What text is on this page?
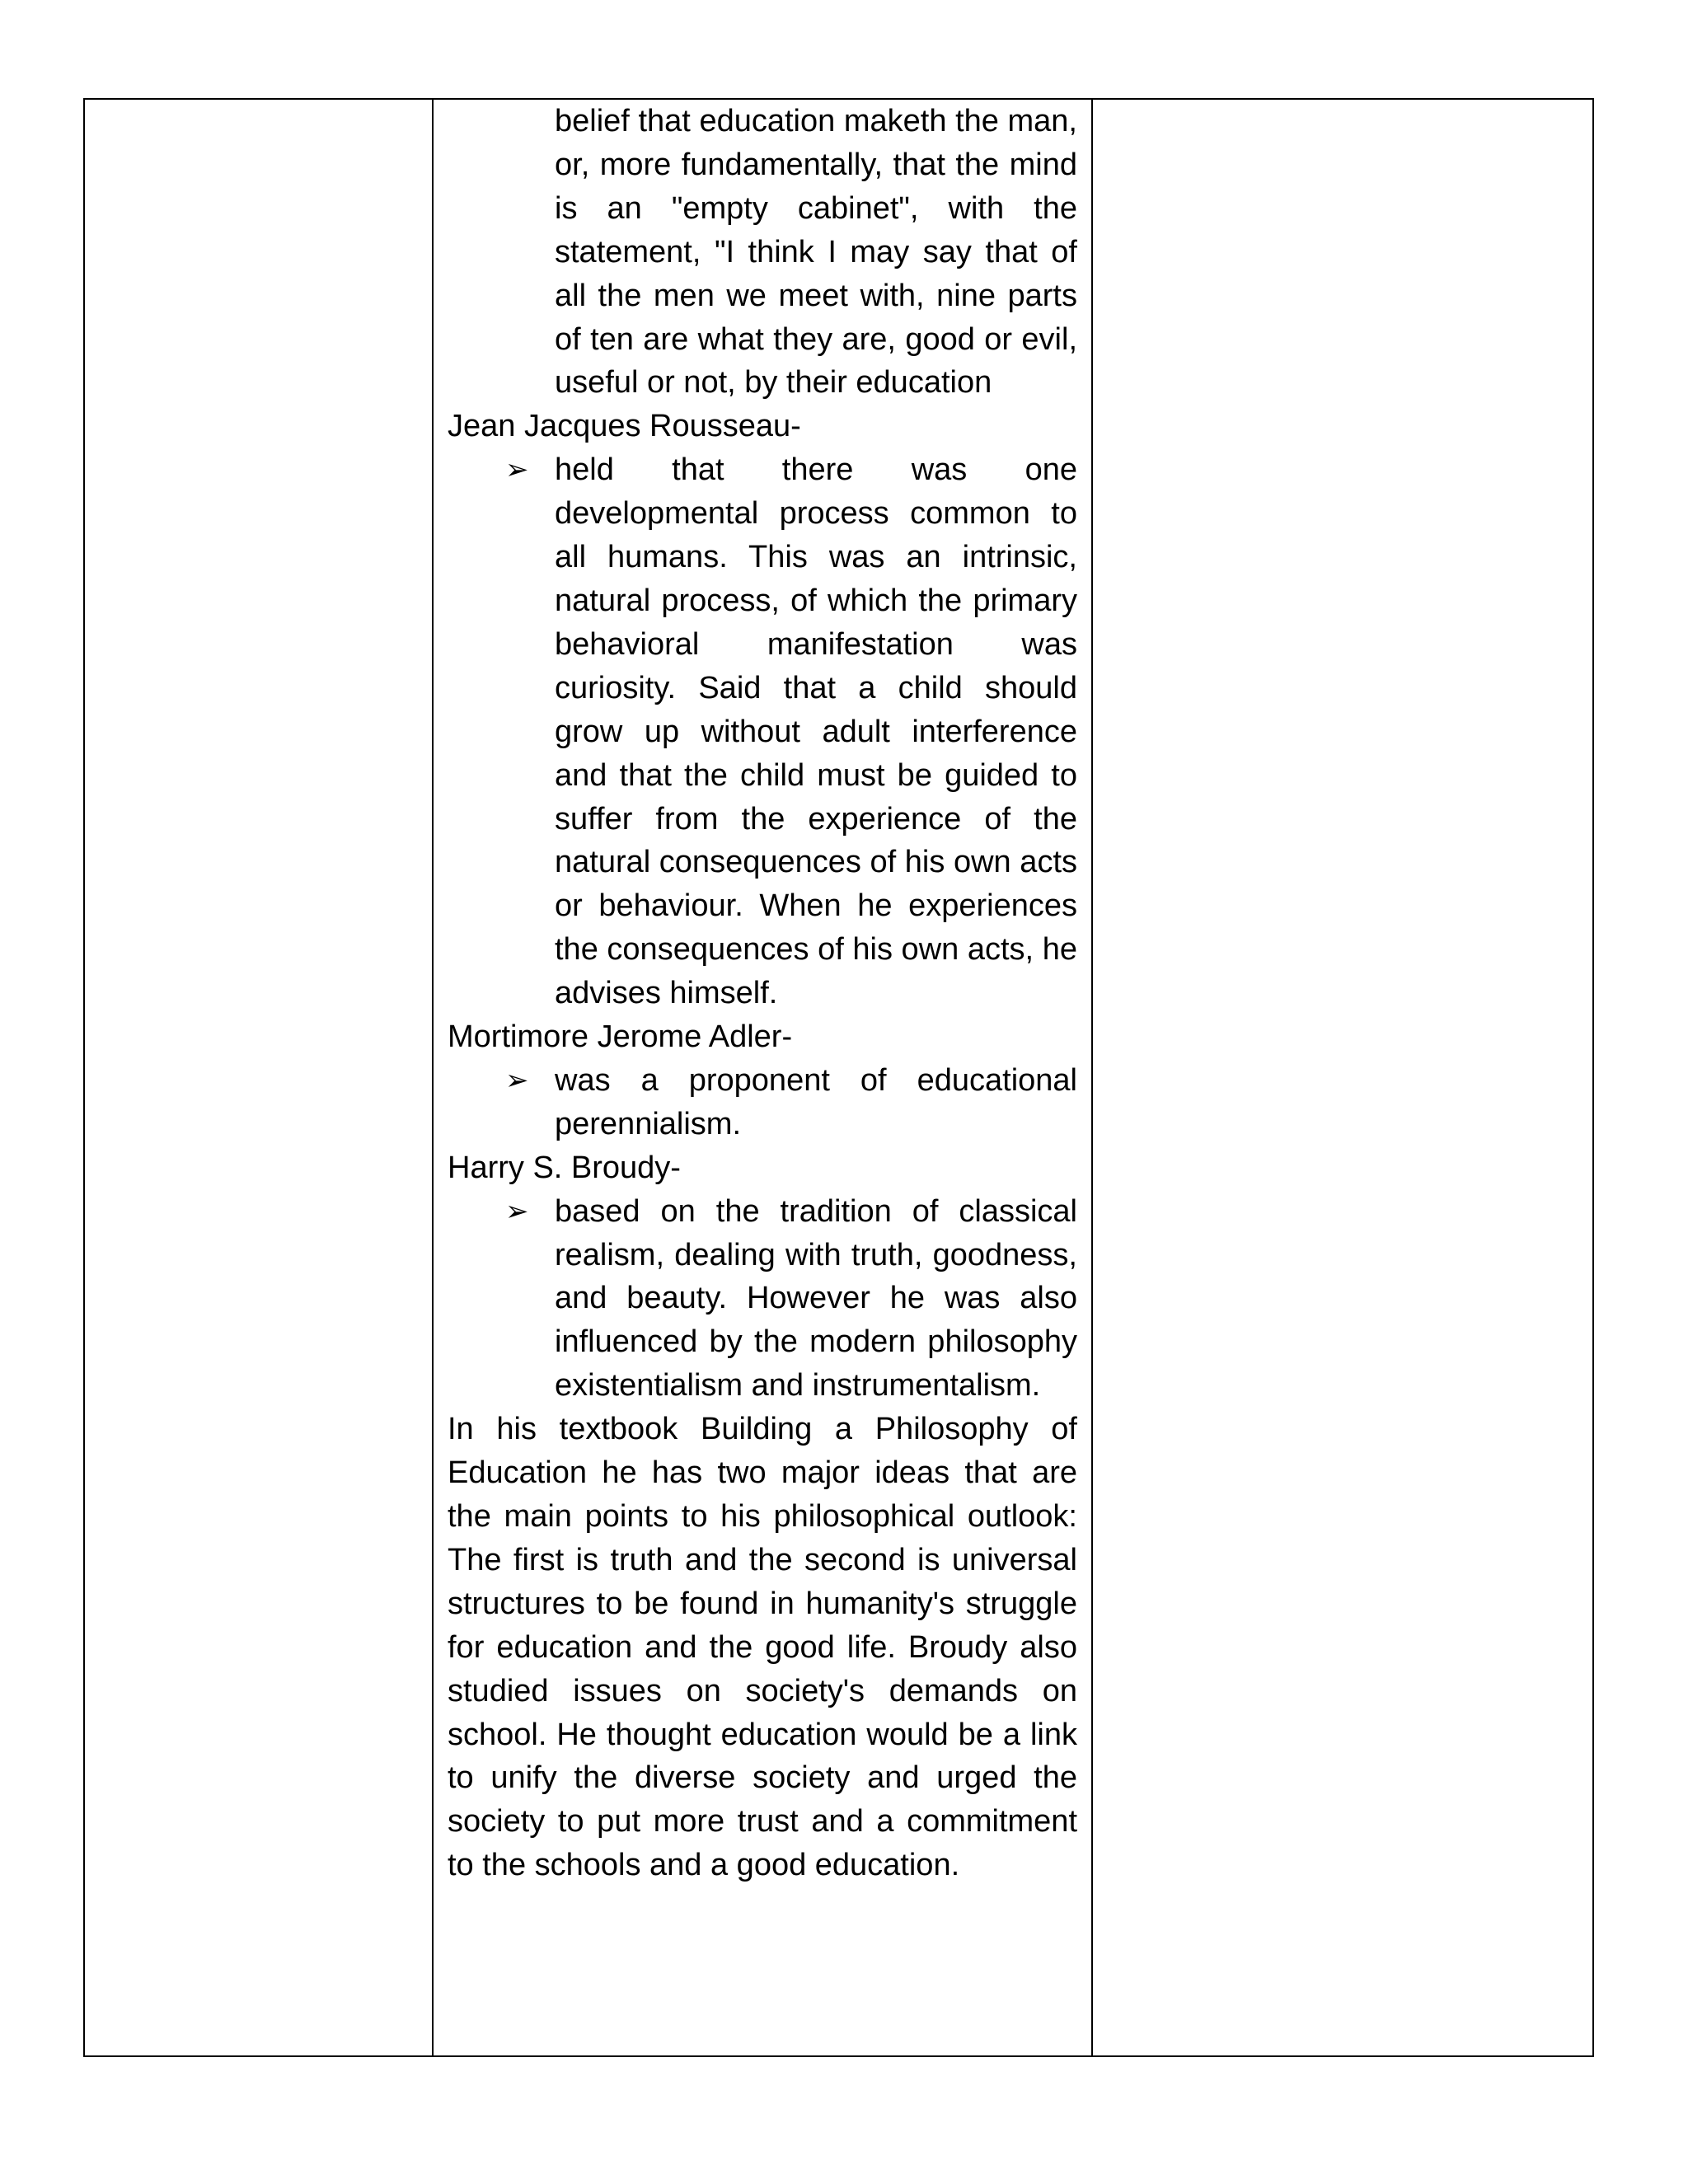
belief that education maketh the man, or, more fundamentally, that the mind is an "empty cabinet", with the statement, "I think I may say that of all the men we meet with, nine parts of ten are what they are, good or evil, useful or not, by their education

Jean Jacques Rousseau-

➢ held that there was one developmental process common to all humans. This was an intrinsic, natural process, of which the primary behavioral manifestation was curiosity. Said that a child should grow up without adult interference and that the child must be guided to suffer from the experience of the natural consequences of his own acts or behaviour. When he experiences the consequences of his own acts, he advises himself.

Mortimore Jerome Adler-

➢ was a proponent of educational perennialism.

Harry S. Broudy-

➢ based on the tradition of classical realism, dealing with truth, goodness, and beauty. However he was also influenced by the modern philosophy existentialism and instrumentalism.

In his textbook Building a Philosophy of Education he has two major ideas that are the main points to his philosophical outlook: The first is truth and the second is universal structures to be found in humanity's struggle for education and the good life. Broudy also studied issues on society's demands on school. He thought education would be a link to unify the diverse society and urged the society to put more trust and a commitment to the schools and a good education.
